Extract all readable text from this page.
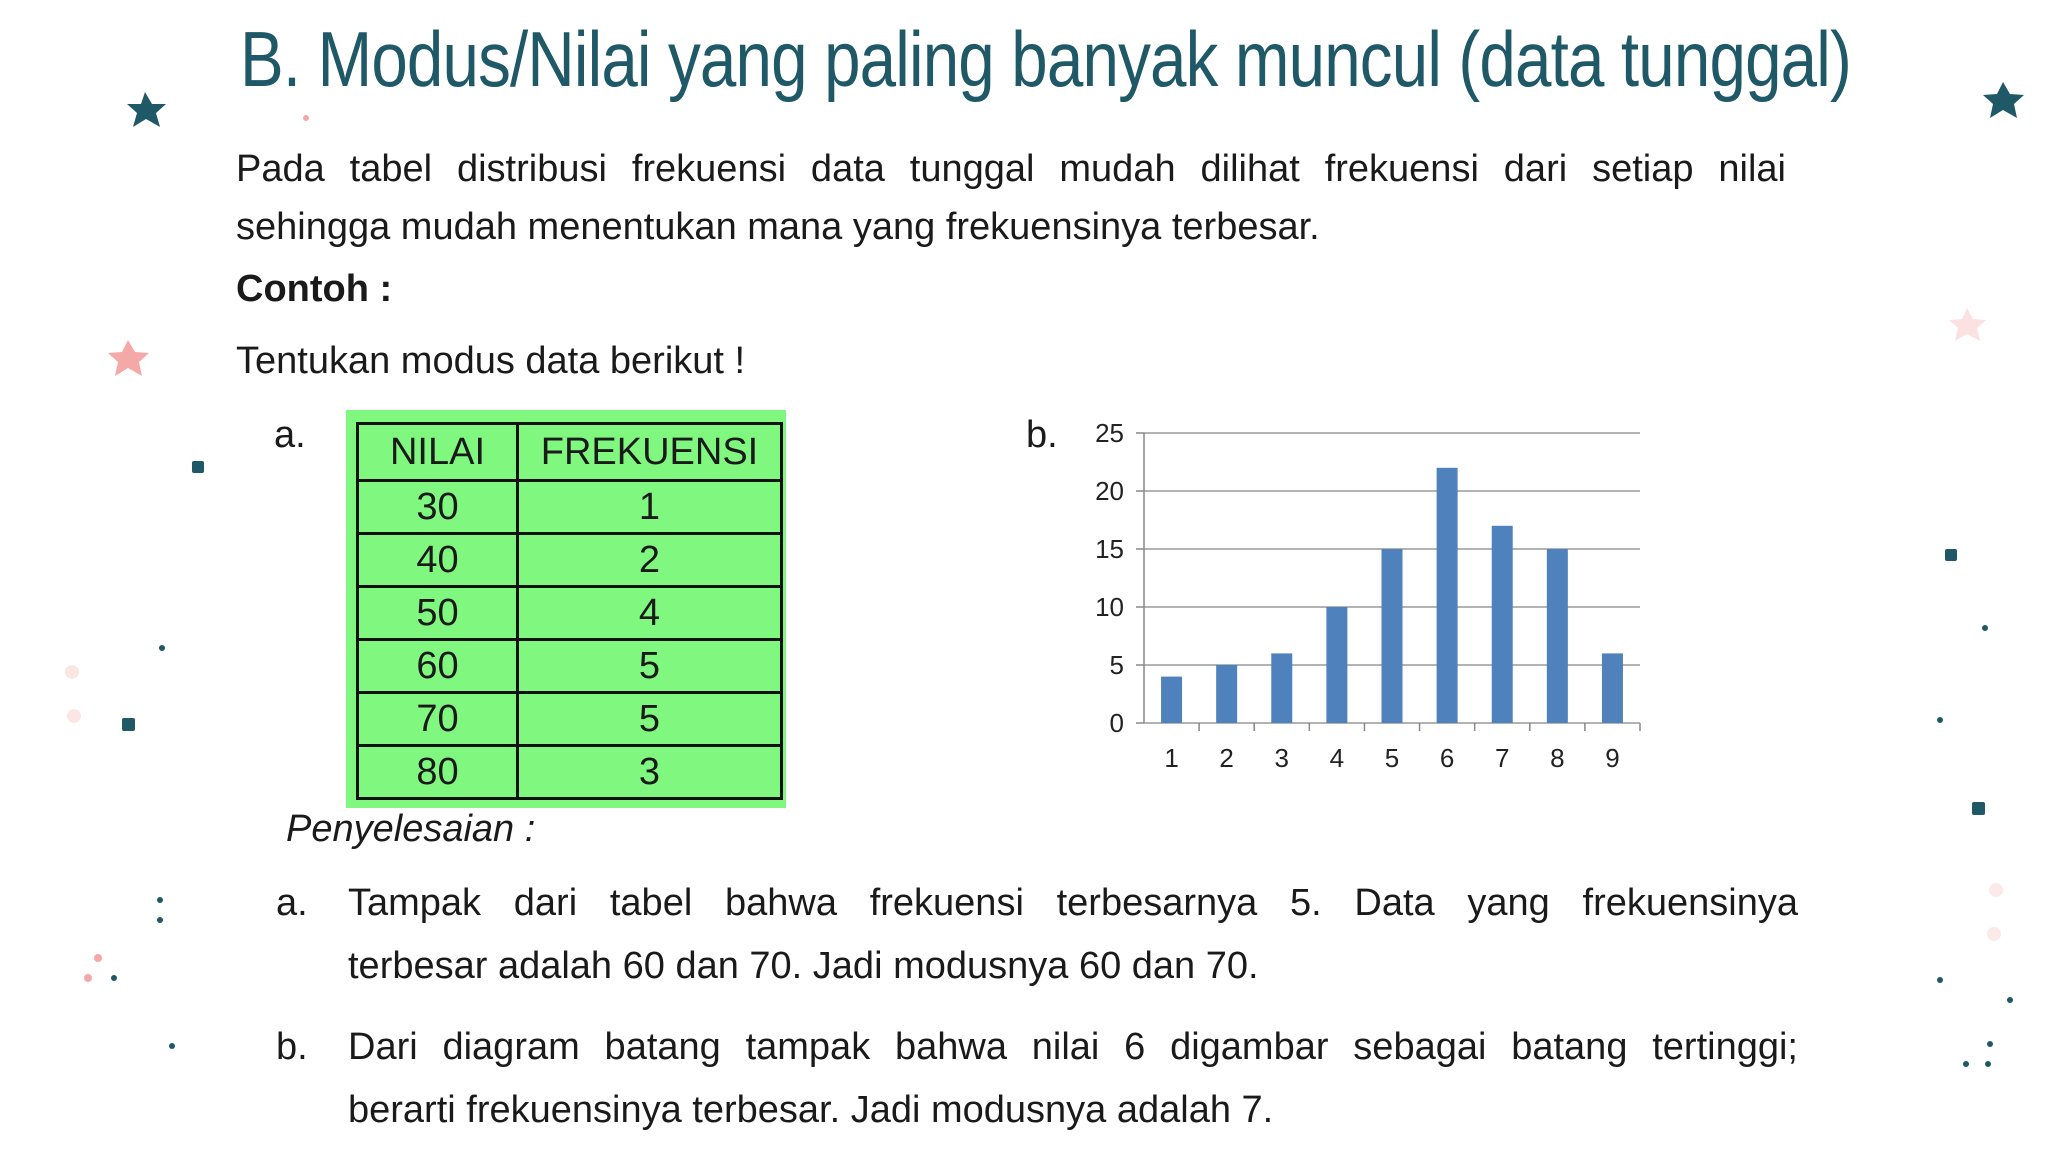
B. Modus/Nilai yang paling banyak muncul (data tunggal)
Pada tabel distribusi frekuensi data tunggal mudah dilihat frekuensi dari setiap nilai
sehingga mudah menentukan mana yang frekuensinya terbesar.
Contoh :
Tentukan modus data berikut !
a.	b.
NILAI	FREKUENSI
30	1
40	2
50	4
60	5
70	5
80	3
0
5
10
15
20
25
1 2 3 4 5 6 7 8 9
Penyelesaian :
a. Tampak dari tabel bahwa frekuensi terbesarnya 5. Data yang frekuensinya
terbesar adalah 60 dan 70. Jadi modusnya 60 dan 70.
b. Dari diagram batang tampak bahwa nilai 6 digambar sebagai batang tertinggi;
berarti frekuensinya terbesar. Jadi modusnya adalah 7.
